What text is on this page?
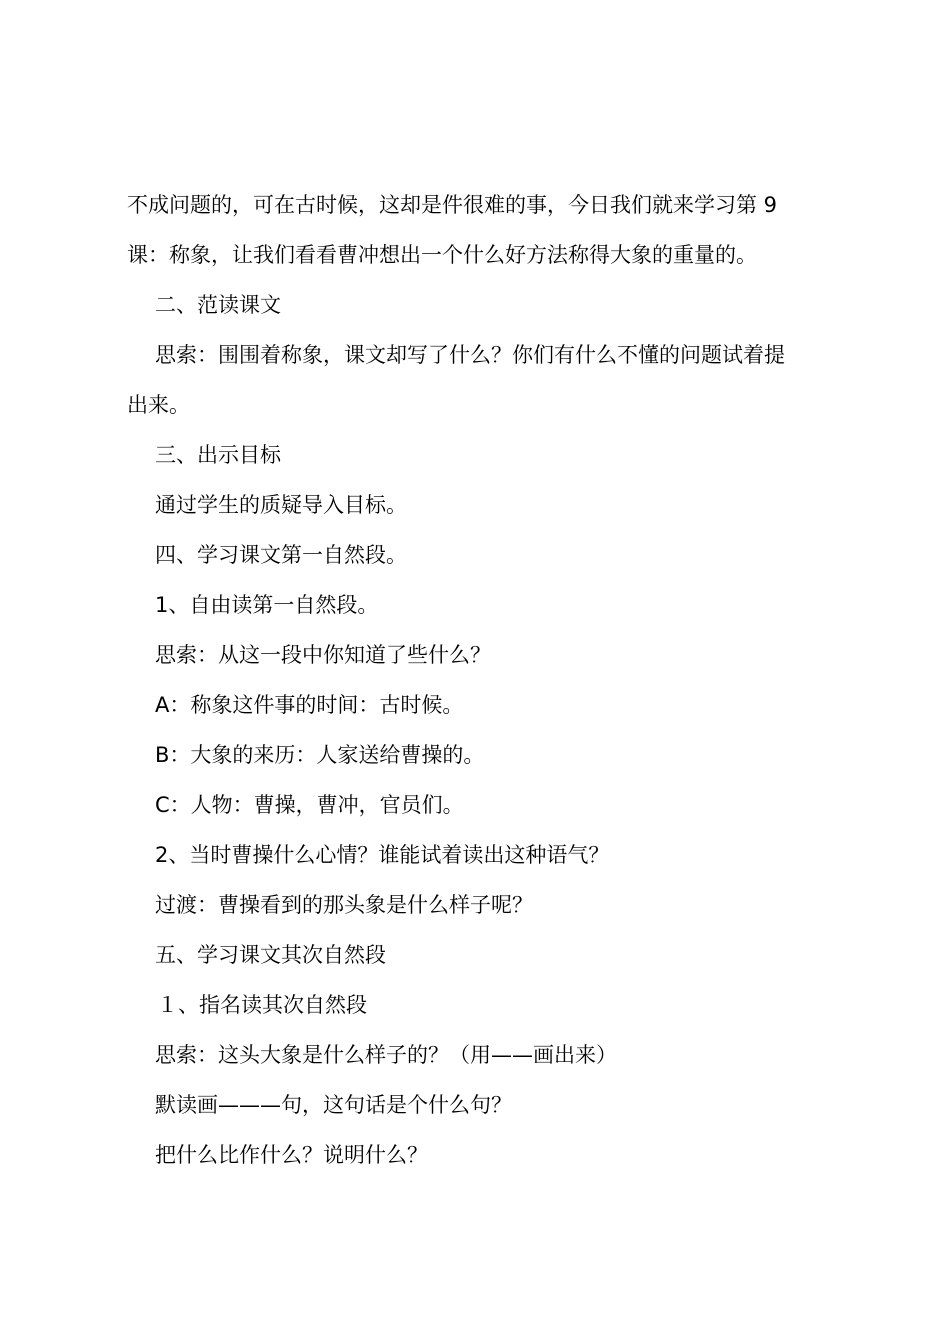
不成问题的，可在古时候，这却是件很难的事，今日我们就来学习第 9

课：称象，让我们看看曹冲想出一个什么好方法称得大象的重量的。

二、范读课文

思索：围围着称象，课文却写了什么？你们有什么不懂的问题试着提

出来。

三、出示目标

通过学生的质疑导入目标。

四、学习课文第一自然段。

1、自由读第一自然段。

思索：从这一段中你知道了些什么？

A：称象这件事的时间：古时候。

B：大象的来历：人家送给曹操的。

C：人物：曹操，曹冲，官员们。

2、当时曹操什么心情？谁能试着读出这种语气？

过渡：曹操看到的那头象是什么样子呢？

五、学习课文其次自然段

１、指名读其次自然段

思索：这头大象是什么样子的？（用——画出来）

默读画———句，这句话是个什么句？

把什么比作什么？说明什么？
